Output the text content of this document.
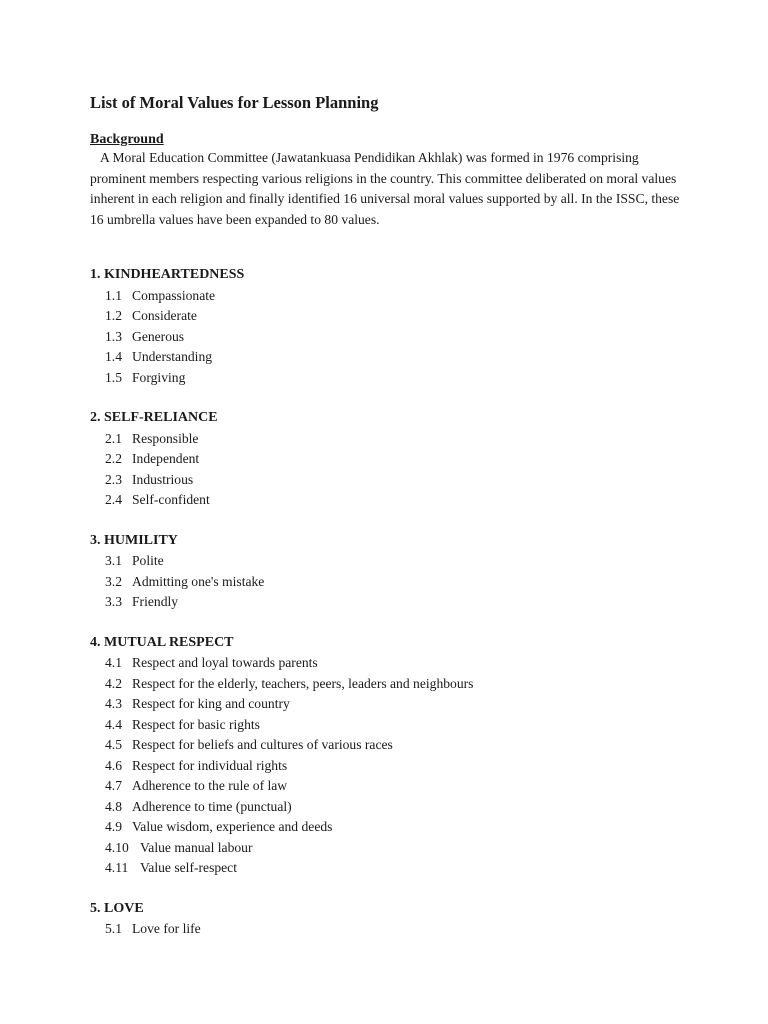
List of Moral Values for Lesson Planning
Background

A Moral Education Committee (Jawatankuasa Pendidikan Akhlak) was formed in 1976 comprising prominent members respecting various religions in the country. This committee deliberated on moral values inherent in each religion and finally identified 16 universal moral values supported by all. In the ISSC, these 16 umbrella values have been expanded to 80 values.

1. KINDHEARTEDNESS
1.1 Compassionate
1.2 Considerate
1.3 Generous
1.4 Understanding
1.5 Forgiving
2. SELF-RELIANCE
2.1 Responsible
2.2 Independent
2.3 Industrious
2.4 Self-confident
3. HUMILITY
3.1 Polite
3.2 Admitting one's mistake
3.3 Friendly
4. MUTUAL RESPECT
4.1 Respect and loyal towards parents
4.2 Respect for the elderly, teachers, peers, leaders and neighbours
4.3 Respect for king and country
4.4 Respect for basic rights
4.5 Respect for beliefs and cultures of various races
4.6 Respect for individual rights
4.7 Adherence to the rule of law
4.8 Adherence to time (punctual)
4.9 Value wisdom, experience and deeds
4.10 Value manual labour
4.11 Value self-respect
5. LOVE
5.1 Love for life
